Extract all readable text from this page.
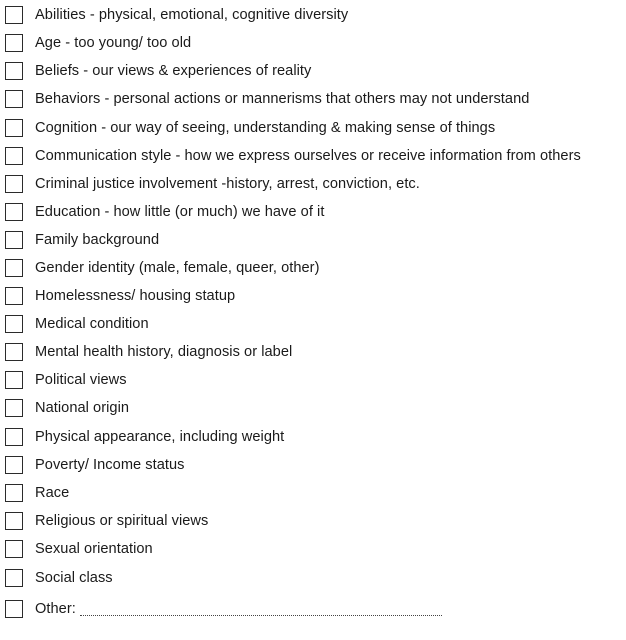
Abilities - physical, emotional, cognitive diversity
Age - too young/ too old
Beliefs - our views & experiences of reality
Behaviors - personal actions or mannerisms that others may not understand
Cognition - our way of seeing, understanding & making sense of things
Communication style - how we express ourselves or receive information from others
Criminal justice involvement -history, arrest, conviction, etc.
Education - how little (or much) we have of it
Family background
Gender identity (male, female, queer, other)
Homelessness/ housing statup
Medical condition
Mental health history, diagnosis or label
Political views
National origin
Physical appearance, including weight
Poverty/ Income status
Race
Religious or spiritual views
Sexual orientation
Social class
Other:
